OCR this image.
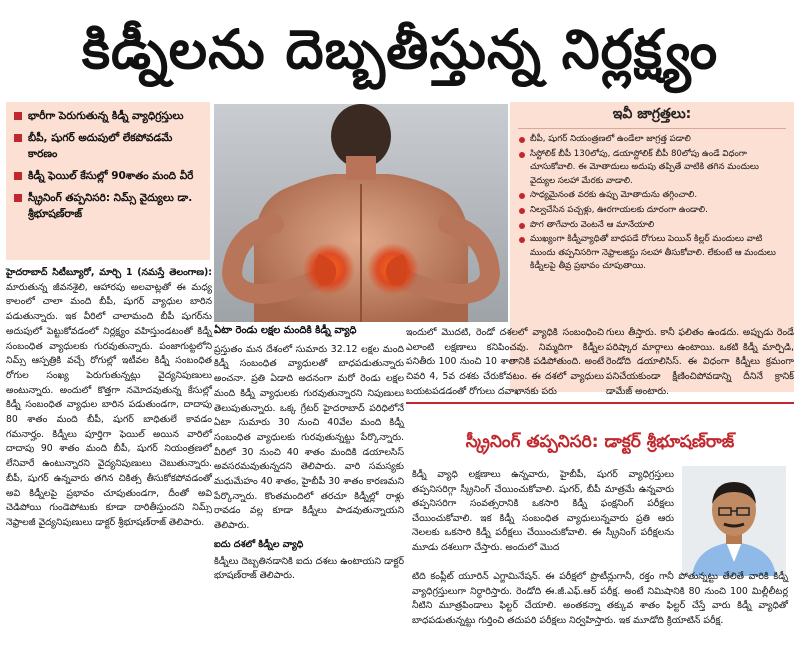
కిడ్నీలను దెబ్బతీస్తున్న నిర్లక్ష్యం
భారీగా పెరుగుతున్న కిడ్నీ వ్యాధిగ్రస్తులు
బీపీ, షుగర్ అదుపులో లేకపోవడమే కారణం
కిడ్నీ ఫెయిల్ కేసుల్లో 90శాతం మంది వీరే
స్క్రీనింగ్ తప్పనిసరి: నిమ్స్ వైద్యులు డా. శ్రీభూషణ్‌రాజ్
ఇవీ జాగ్రత్తలు:
బీపీ, షుగర్ నియంత్రణలో ఉండేలా జాగ్రత్త పడాలి
సిస్టోలిక్ బీపీ 130లోపు, డయాస్టోలిక్ బీపీ 80లోపు ఉండే విధంగా చూసుకోవాలి. ఈ మోతాదులు అదుపు తప్పితే వాటికి తగిన మందులు వైద్యుల సలహా మేరకు వాడాలి.
సాధ్యమైనంత వరకు ఉప్పు మోతాదును తగ్గించాలి.
నిల్వచేసిన పచ్చళ్లు, ఊరగాయలకు దూరంగా ఉండాలి.
పొగ తాగేవారు వెంటనే ఆ మానేయాలి
ముఖ్యంగా కిడ్నీవ్యాధితో బాధపడే రోగులు పెయిన్ కిల్లర్ మందులు వాటి ముందు తప్పనిసరిగా నెఫ్రాలజిస్టు సలహా తీసుకోవాలి. లేకుంటే ఆ మందులు కిడ్నీలపై తీవ్ర ప్రభావం చూపుతాయి.
హైదరాబాద్ సిటీబ్యూరో, మార్చి 1 (నమస్తే తెలంగాణ): మారుతున్న జీవనశైలి, ఆహారపు అలవాట్లతో ఈ మధ్య కాలంలో చాలా మంది బీపీ, షుగర్ వ్యాధుల బారిన పడుతున్నారు. ఇక వీరిలో చాలామంది బీపీ షుగర్‌ను అదుపులో పెట్టుకోవడంలో నిర్లక్ష్యం వహిస్తుండటంతో కిడ్నీ సంబంధిత వ్యాధులకు గురవుతున్నారు. పంజాగుట్టలోని నిమ్స్ ఆస్పత్రికి వచ్చే రోగుల్లో ఇటీవల కిడ్నీ సంబంధిత రోగుల సంఖ్య పెరుగుతున్నట్లు వైద్యనిపుణులు అంటున్నారు. అందులో కొత్తగా నమోదవుతున్న కేసుల్లో కిడ్నీ సంబంధిత వ్యాధుల బారిన పడుతుండగా, దాదాపు 80 శాతం మంది బీపీ, షుగర్ బాధితులే కావడం గమనార్హం. కిడ్నీలు పూర్తిగా ఫెయిల్ అయిన వారిలో దాదాపు 90 శాతం మంది బీపీ, షుగర్ నియంత్రణలో లేనివారే ఉంటున్నారని వైద్యనిపుణులు చెబుతున్నారు. బీపీ, షుగర్ ఉన్నవారు తగిన చికిత్స తీసుకోకపోవడంతో అవి కిడ్నీలపై ప్రభావం చూపుతుండగా, దీంతో అవి చెడిపోయి గుండెపోటుకు కూడా దారితీస్తుందని నిమ్స్ నెఫ్రాలజీ వైద్యనిపుణులు డాక్టర్ శ్రీభూషణ్‌రాజ్ తెలిపారు.
ఏటా రెండు లక్షల మందికి కిడ్నీ వ్యాధి
ప్రస్తుతం మన దేశంలో సుమారు 32.12 లక్షల మంది కిడ్నీ సంబంధిత వ్యాధులతో బాధపడుతున్నారు అంచనా. ప్రతి ఏడాది అదనంగా మరో రెండు లక్షల మంది కిడ్నీ వ్యాధులకు గురవుతున్నారని నిపుణులు తెలుపుతున్నారు. ఒక్క గ్రేటర్ హైదరాబాద్ పరిధిలోనే ఏటా సుమారు 30 నుంచి 40వేల మంది కిడ్నీ సంబంధిత వ్యాధులకు గురవుతున్నట్టు పేర్కొన్నారు. వీరిలో 30 నుంచి 40 శాతం మందికి డయాలసిస్ అవసరమవుతున్నదని తెలిపారు. వారి సమస్యకు మధుమేహం 40 శాతం, హైబీపీ 30 శాతం కారణమని పేర్కొన్నారు. కొంతమందిలో తరచూ కిడ్నీల్లో రాళ్లు రావడం వల్ల కూడా కిడ్నీలు పాడవుతున్నాయని తెలిపారు.
ఐదు దశలో కిడ్నీల వ్యాధి
కిడ్నీలు దెబ్బతినడానికి ఐదు దశలు ఉంటాయని డాక్టర్ భూషణ్‌రాజ్ తెలిపారు.
ఇందులో మొదటి, రెండో దశలలో వ్యాధికి సంబంధించి ఎలాంటి లక్షణాలు కనిపించవు. నిమ్మదిగా కిడ్నీల పనితీరు 100 నుంచి 10 శాతానికి పడిపోతుంది. అంటే చివరి 4, 5వ దశకు చేరుకోవటం. ఈ దశలో వ్యాధులు బయటపడడంతో రోగులు దవాఖానకు పరు
గులు తీస్తారు. కానీ ఫలితం ఉండదు. అప్పుడు రెండే పరిష్కార మార్గాలు ఉంటాయి. ఒకటి కిడ్నీ మార్పిడి, రెండోది డయాలిసిస్. ఈ విధంగా కిడ్నీలు క్రమంగా పనిచేయకుండా క్షీణించిపోవడాన్ని దీనినే క్రానిక్ డామేజ్ అంటారు.
స్క్రీనింగ్ తప్పనిసరి: డాక్టర్ శ్రీభూషణ్‌రాజ్
కిడ్నీ వ్యాధి లక్షణాలు ఉన్నవారు, హైబీపీ, షుగర్ వ్యాధిగ్రస్తులు తప్పనిసరిగ్గా స్క్రీనింగ్ చేయించుకోవాలి. షుగర్, బీపీ మాత్రమే ఉన్నవారు తప్పనిసరిగా సంవత్సరానికి ఒకసారి కిడ్నీ ఫంక్షనింగ్ పరీక్షలు చేయించుకోవాలి. ఇక కిడ్నీ సంబంధిత వ్యాధులున్నవారు ప్రతి ఆరు నెలలకు ఒకసారి కిడ్నీ పరీక్షలు చేయించుకోవాలి. ఈ స్క్రీనింగ్ పరీక్షలను మూడు దశలుగా చేస్తారు. అందులో మొద
టిది కంప్లీట్ యూరిన్ ఎగ్జామినేషన్. ఈ పరీక్షలో ప్రొటీన్లుగానీ, రక్తం గానీ పోతున్నట్టు తేలితే వారికి కిడ్నీ వ్యాధిగ్రస్తులుగా నిర్ధారిస్తారు. రెండోది ఈ.జీ.ఎఫ్.ఆర్ పరీక్ష. అంటే నిమిషానికి 80 నుంచి 100 మిల్లీలీటర్ల నీటిని మూత్రపిండాలు ఫిల్టర్ చేయాలి. అంతకన్నా తక్కువ శాతం ఫిల్టర్ చేస్తే వారు కిడ్నీ వ్యాధితో బాధపడుతున్నట్టు గుర్తించి తదుపరి పరీక్షలు నిర్వహిస్తారు. ఇక మూడోది క్రియాటిన్ పరీక్ష.
